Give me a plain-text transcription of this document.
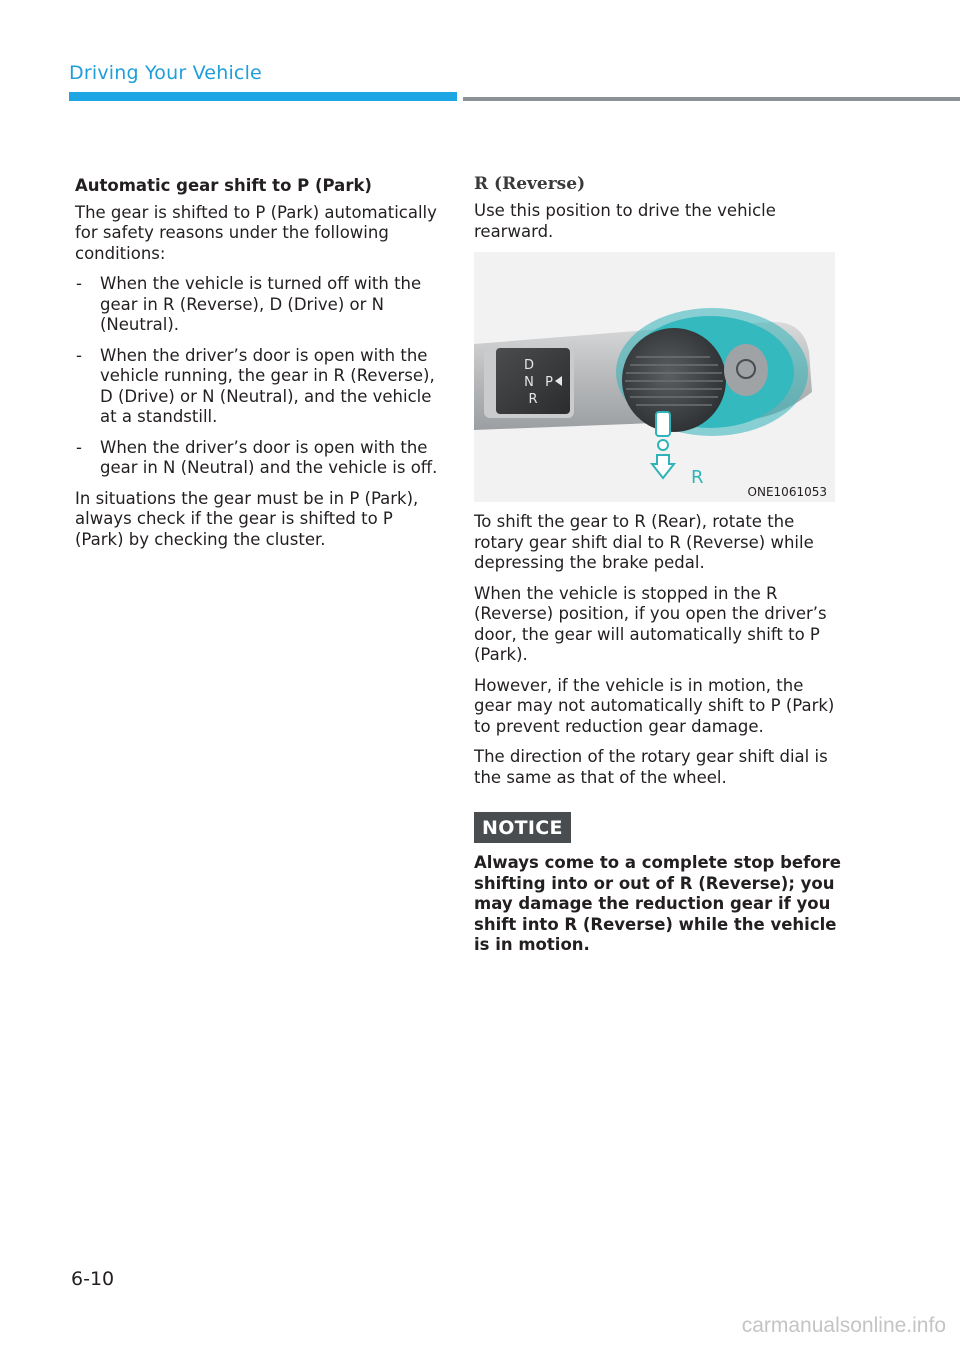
Driving Your Vehicle

Automatic gear shift to P (Park)

The gear is shifted to P (Park) automatically for safety reasons under the following conditions:

- When the vehicle is turned off with the gear in R (Reverse), D (Drive) or N (Neutral).
- When the driver’s door is open with the vehicle running, the gear in R (Reverse), D (Drive) or N (Neutral), and the vehicle at a standstill.
- When the driver’s door is open with the gear in N (Neutral) and the vehicle is off.

In situations the gear must be in P (Park), always check if the gear is shifted to P (Park) by checking the cluster.

R (Reverse)

Use this position to drive the vehicle rearward.

D
N P
R
R
ONE1061053

To shift the gear to R (Rear), rotate the rotary gear shift dial to R (Reverse) while depressing the brake pedal.

When the vehicle is stopped in the R (Reverse) position, if you open the driver’s door, the gear will automatically shift to P (Park).

However, if the vehicle is in motion, the gear may not automatically shift to P (Park) to prevent reduction gear damage.

The direction of the rotary gear shift dial is the same as that of the wheel.

NOTICE

Always come to a complete stop before shifting into or out of R (Reverse); you may damage the reduction gear if you shift into R (Reverse) while the vehicle is in motion.

6-10
carmanualsonline.info
